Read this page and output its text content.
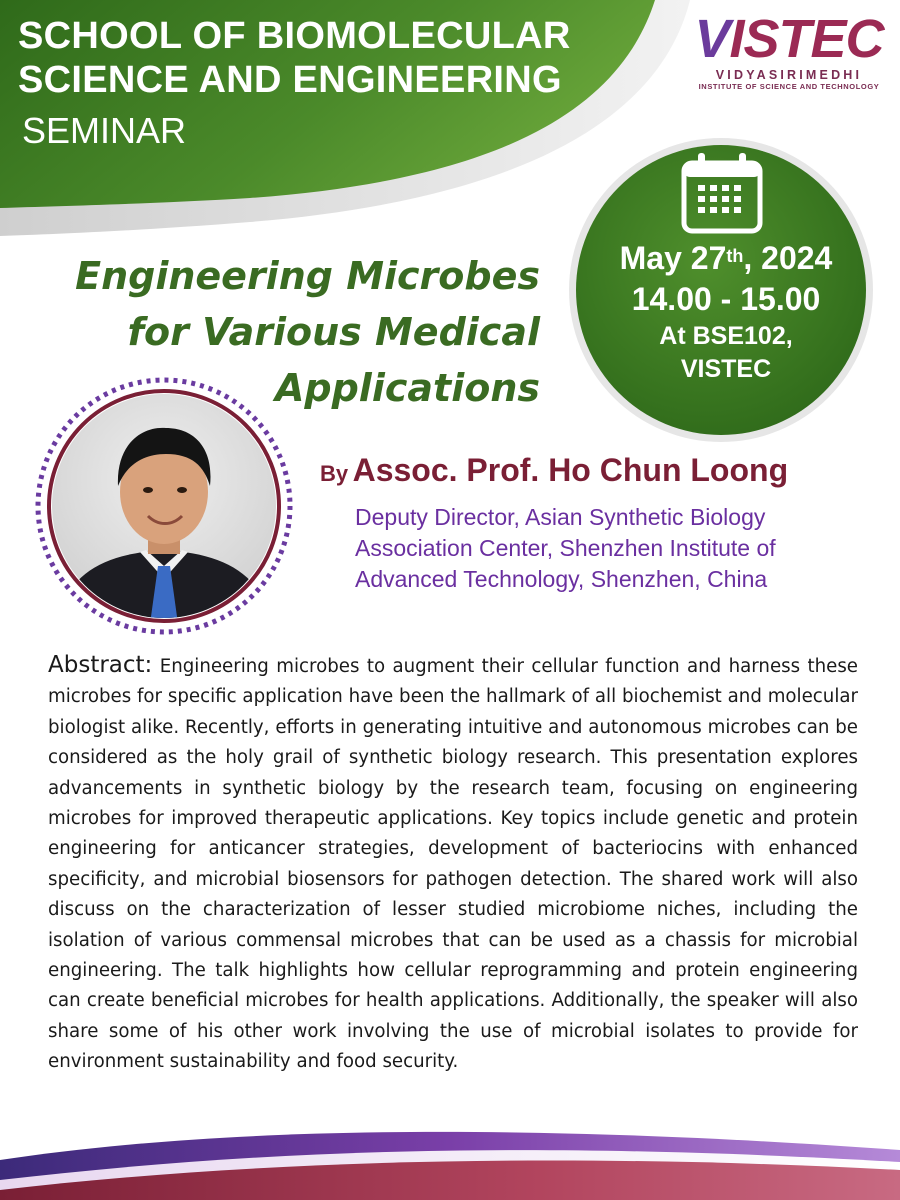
SCHOOL OF BIOMOLECULAR
SCIENCE AND ENGINEERING
SEMINAR
VISTEC
VIDYASIRIMEDHI
INSTITUTE OF SCIENCE AND TECHNOLOGY
May 27th, 2024
14.00 - 15.00
At BSE102,
VISTEC
Engineering Microbes
for Various Medical
Applications
By Assoc. Prof. Ho Chun Loong
Deputy Director, Asian Synthetic Biology
Association Center, Shenzhen Institute of
Advanced Technology, Shenzhen, China
Abstract: Engineering microbes to augment their cellular function and harness these microbes for specific application have been the hallmark of all biochemist and molecular biologist alike. Recently, efforts in generating intuitive and autonomous microbes can be considered as the holy grail of synthetic biology research. This presentation explores advancements in synthetic biology by the research team, focusing on engineering microbes for improved therapeutic applications. Key topics include genetic and protein engineering for anticancer strategies, development of bacteriocins with enhanced specificity, and microbial biosensors for pathogen detection. The shared work will also discuss on the characterization of lesser studied microbiome niches, including the isolation of various commensal microbes that can be used as a chassis for microbial engineering. The talk highlights how cellular reprogramming and protein engineering can create beneficial microbes for health applications. Additionally, the speaker will also share some of his other work involving the use of microbial isolates to provide for environment sustainability and food security.
